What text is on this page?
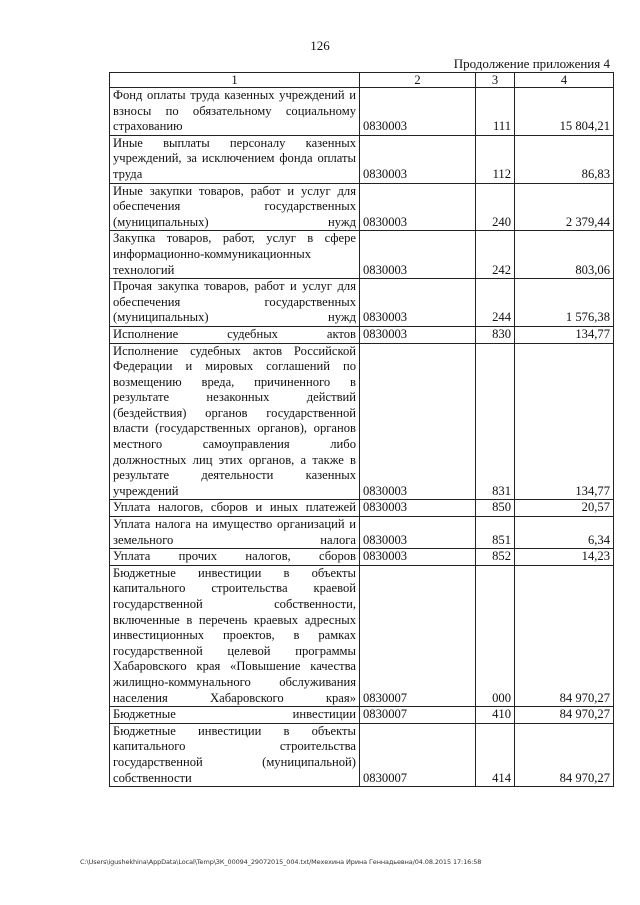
126
Продолжение приложения 4
1	2	3	4
Фонд оплаты труда казенных учреждений и взносы по обязательному социальному страхованию	0830003	111	15 804,21
Иные выплаты персоналу казенных учреждений, за исключением фонда оплаты труда	0830003	112	86,83
Иные закупки товаров, работ и услуг для обеспечения государственных (муниципальных) нужд	0830003	240	2 379,44
Закупка товаров, работ, услуг в сфере информационно-коммуникационных технологий	0830003	242	803,06
Прочая закупка товаров, работ и услуг для обеспечения государственных (муниципальных) нужд	0830003	244	1 576,38
Исполнение судебных актов	0830003	830	134,77
Исполнение судебных актов Российской Федерации и мировых соглашений по возмещению вреда, причиненного в результате незаконных действий (бездействия) органов государственной власти (государственных органов), органов местного самоуправления либо должностных лиц этих органов, а также в результате деятельности казенных учреждений	0830003	831	134,77
Уплата налогов, сборов и иных платежей	0830003	850	20,57
Уплата налога на имущество организаций и земельного налога	0830003	851	6,34
Уплата прочих налогов, сборов	0830003	852	14,23
Бюджетные инвестиции в объекты капитального строительства краевой государственной собственности, включенные в перечень краевых адресных инвестиционных проектов, в рамках государственной целевой программы Хабаровского края «Повышение качества жилищно-коммунального обслуживания населения Хабаровского края»	0830007	000	84 970,27
Бюджетные инвестиции	0830007	410	84 970,27
Бюджетные инвестиции в объекты капитального строительства государственной (муниципальной) собственности	0830007	414	84 970,27
C:\Users\igushekhina\AppData\Local\Temp\ЗК_00094_29072015_004.txt/Мехехина Ирина Геннадьевна/04.08.2015 17:16:58
